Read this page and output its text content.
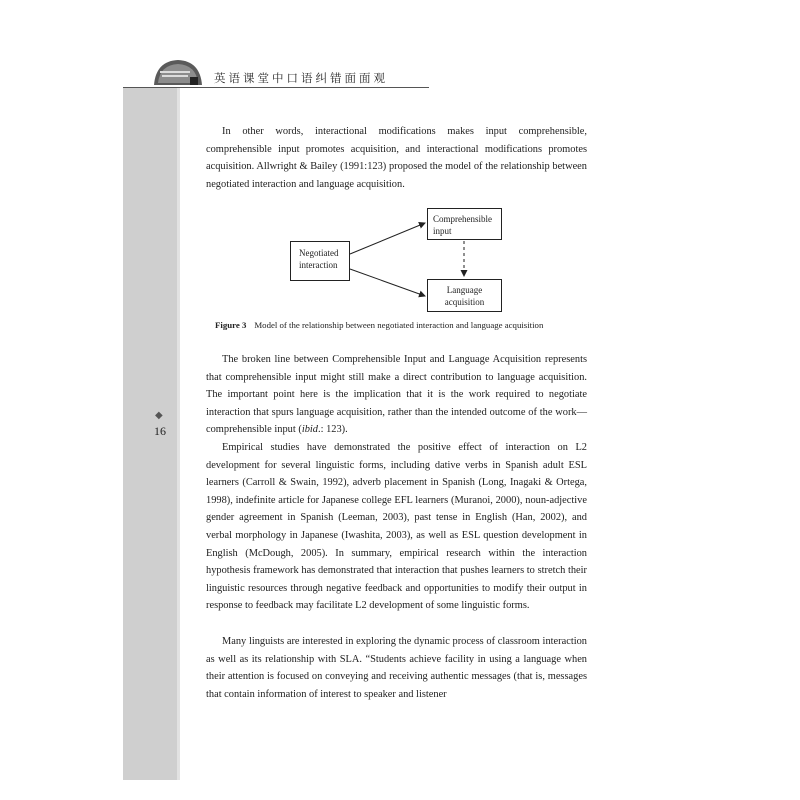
英语课堂中口语纠错面面观
◆
16

In other words, interactional modifications makes input comprehensible, comprehensible input promotes acquisition, and interactional modifications promotes acquisition. Allwright & Bailey (1991:123) proposed the model of the relationship between negotiated interaction and language acquisition.

Negotiated
interaction
Comprehensible
input
Language
acquisition
Figure 3 Model of the relationship between negotiated interaction and language acquisition

The broken line between Comprehensible Input and Language Acquisition represents that comprehensible input might still make a direct contribution to language acquisition. The important point here is the implication that it is the work required to negotiate interaction that spurs language acquisition, rather than the intended outcome of the work—comprehensible input (ibid.: 123).

Empirical studies have demonstrated the positive effect of interaction on L2 development for several linguistic forms, including dative verbs in Spanish adult ESL learners (Carroll & Swain, 1992), adverb placement in Spanish (Long, Inagaki & Ortega, 1998), indefinite article for Japanese college EFL learners (Muranoi, 2000), noun-adjective gender agreement in Spanish (Leeman, 2003), past tense in English (Han, 2002), and verbal morphology in Japanese (Iwashita, 2003), as well as ESL question development in English (McDough, 2005). In summary, empirical research within the interaction hypothesis framework has demonstrated that interaction that pushes learners to stretch their linguistic resources through negative feedback and opportunities to modify their output in response to feedback may facilitate L2 development of some linguistic forms.

Many linguists are interested in exploring the dynamic process of classroom interaction as well as its relationship with SLA. “Students achieve facility in using a language when their attention is focused on conveying and receiving authentic messages (that is, messages that contain information of interest to speaker and listener
